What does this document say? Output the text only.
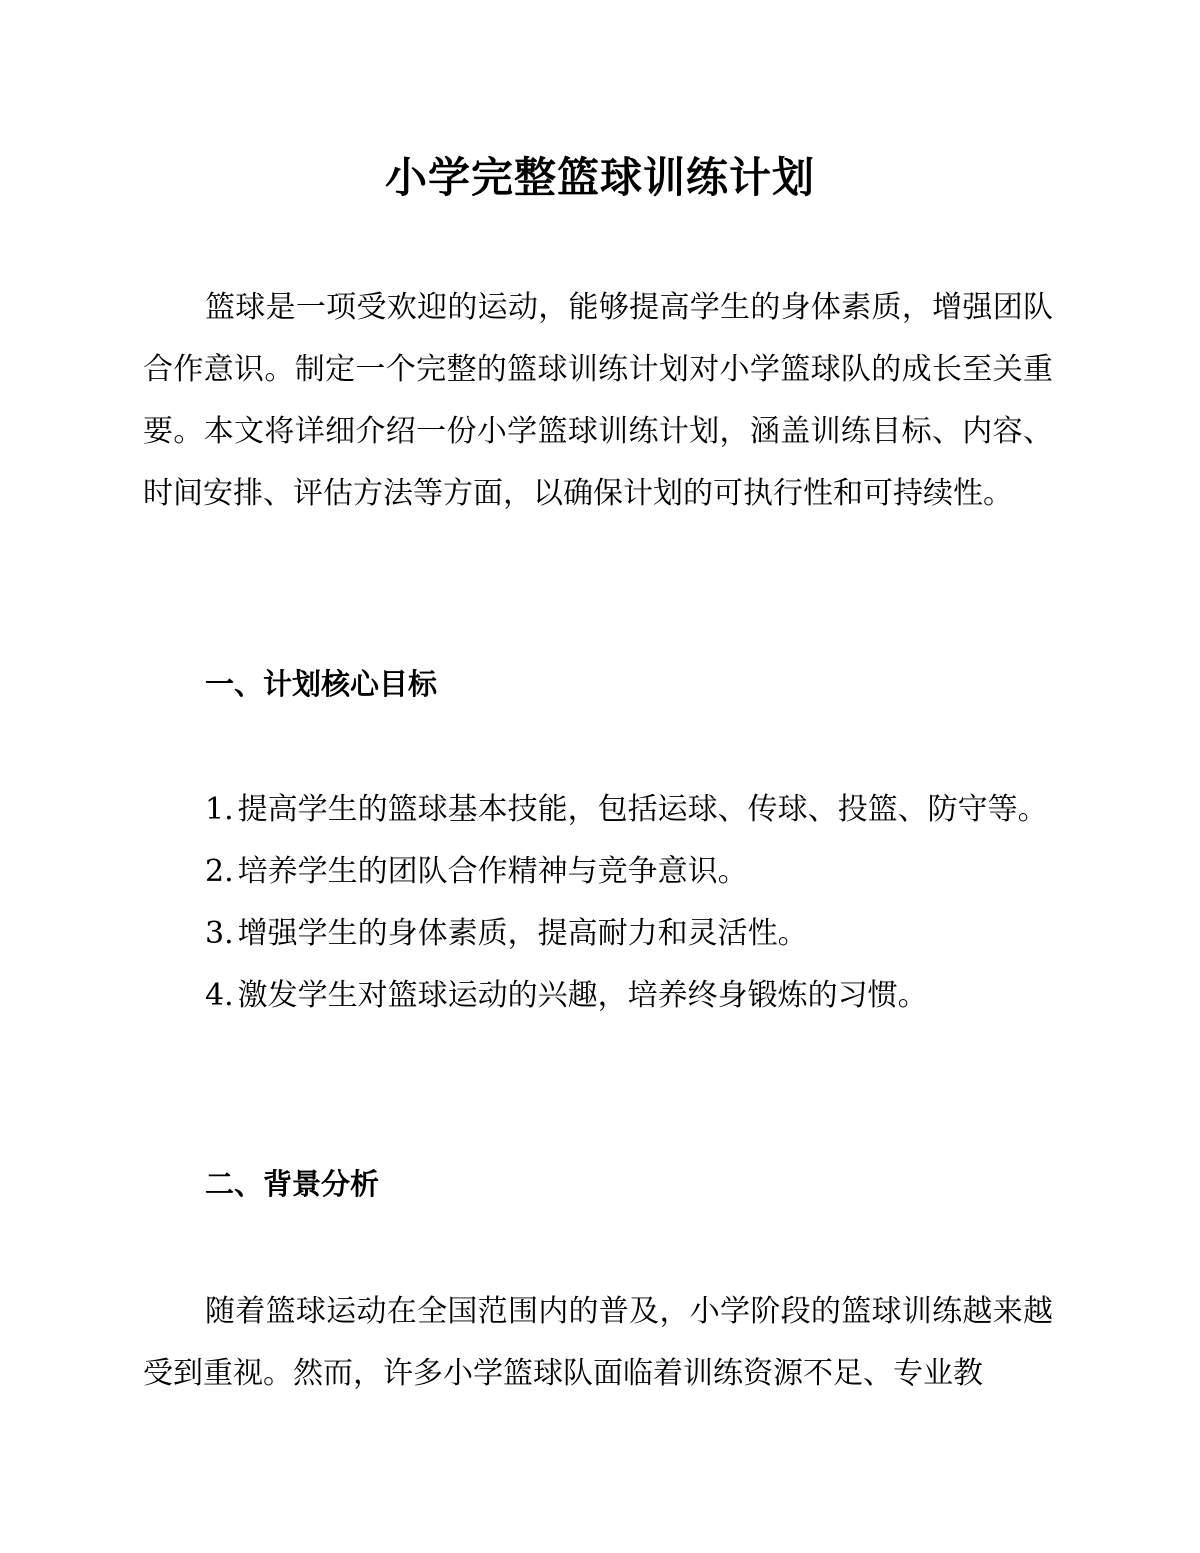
小学完整篮球训练计划

篮球是一项受欢迎的运动，能够提高学生的身体素质，增强团队合作意识。制定一个完整的篮球训练计划对小学篮球队的成长至关重要。本文将详细介绍一份小学篮球训练计划，涵盖训练目标、内容、时间安排、评估方法等方面，以确保计划的可执行性和可持续性。

一、计划核心目标
1. 提高学生的篮球基本技能，包括运球、传球、投篮、防守等。
2. 培养学生的团队合作精神与竞争意识。
3. 增强学生的身体素质，提高耐力和灵活性。
4. 激发学生对篮球运动的兴趣，培养终身锻炼的习惯。
二、背景分析

随着篮球运动在全国范围内的普及，小学阶段的篮球训练越来越受到重视。然而，许多小学篮球队面临着训练资源不足、专业教
